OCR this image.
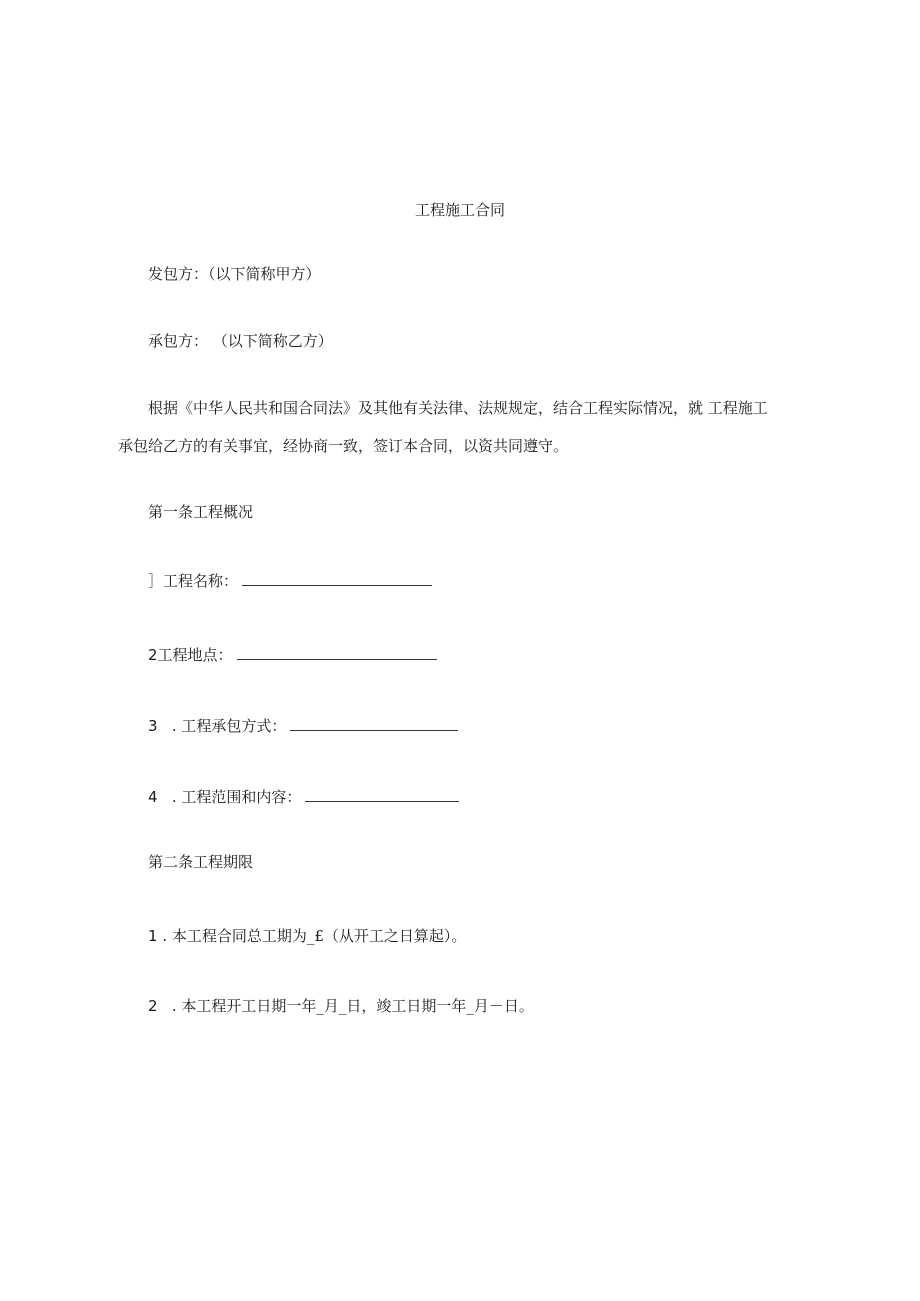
工程施工合同
发包方：（以下简称甲方）
承包方： （以下简称乙方）
根据《中华人民共和国合同法》及其他有关法律、法规规定，结合工程实际情况，就 工程施工
承包给乙方的有关事宜，经协商一致，签订本合同，以资共同遵守。
第一条工程概况
］工程名称：
2工程地点：
3 . 工程承包方式：
4 . 工程范围和内容：
第二条工程期限
1 . 本工程合同总工期为_£（从开工之日算起）。
2 . 本工程开工日期一年_月_日，竣工日期一年_月－日。
